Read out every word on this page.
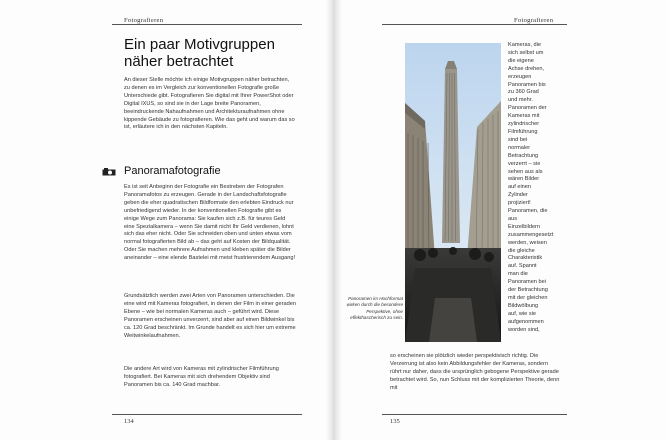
Fotografieren
Ein paar Motivgruppen
näher betrachtet

An dieser Stelle möchte ich einige Motivgruppen näher betrachten, zu denen es im Vergleich zur konventionellen Fotografie große Unterschiede gibt. Fotografieren Sie digital mit Ihrer PowerShot oder Digital IXUS, so sind sie in der Lage breite Panoramen, beeindruckende Nahaufnahmen und Architekturaufnahmen ohne kippende Gebäude zu fotografieren. Wie das geht und warum das so ist, erläutere ich in den nächsten Kapiteln.

Panoramafotografie

Es ist seit Anbeginn der Fotografie ein Bestreben der Fotografen Panoramafotos zu erzeugen. Gerade in der Landschaftsfotografie geben die eher quadratischen Bildformate den erlebten Eindruck nur unbefriedigend wieder. In der konventionellen Fotografie gibt es einige Wege zum Panorama: Sie kaufen sich z.B. für teures Geld eine Spezialkamera – wenn Sie damit nicht Ihr Geld verdienen, lohnt sich das eher nicht. Oder Sie schneiden oben und unten etwas vom normal fotografierten Bild ab – das geht auf Kosten der Bildqualität. Oder Sie machen mehrere Aufnahmen und kleben später die Bilder aneinander – eine elende Bastelei mit meist frustrierendem Ausgang!

Grundsätzlich werden zwei Arten von Panoramen unterschieden. Die eine wird mit Kameras fotografiert, in denen der Film in einer geraden Ebene – wie bei normalen Kameras auch – geführt wird. Diese Panoramen erscheinen unverzerrt, sind aber auf einen Bildwinkel bis ca. 120 Grad beschränkt. Im Grunde handelt es sich hier um extreme Weitwinkelaufnahmen.

Die andere Art wird von Kameras mit zylindrischer Filmführung fotografiert. Bei Kameras mit sich drehendem Objektiv sind Panoramen bis ca. 140 Grad machbar.

134
Fotografieren
135

Panoramen im Hochformat wirken durch die besondere Perspektive, ohne effekthascherisch zu sein.

Kameras, die sich selbst um die eigene Achse drehen, erzeugen Panoramen bis zu 360 Grad und mehr. Panoramen der Kameras mit zylindrischer Filmführung sind bei normaler Betrachtung verzerrt – sie sehen aus als wären Bilder auf einen Zylinder projiziert! Panoramen, die aus Einzelbildern zusammengesetzt werden, weisen die gleiche Charakteristik auf. Spannt man die Panoramen bei der Betrachtung mit der gleichen Bildwölbung auf, wie sie aufgenommen worden sind,

so erscheinen sie plötzlich wieder perspektivisch richtig. Die Verzerrung ist also kein Abbildungsfehler der Kameras, sondern rührt nur daher, dass die ursprünglich gebogene Perspektive gerade betrachtet wird. So, nun Schluss mit der komplizierten Theorie, denn mit
